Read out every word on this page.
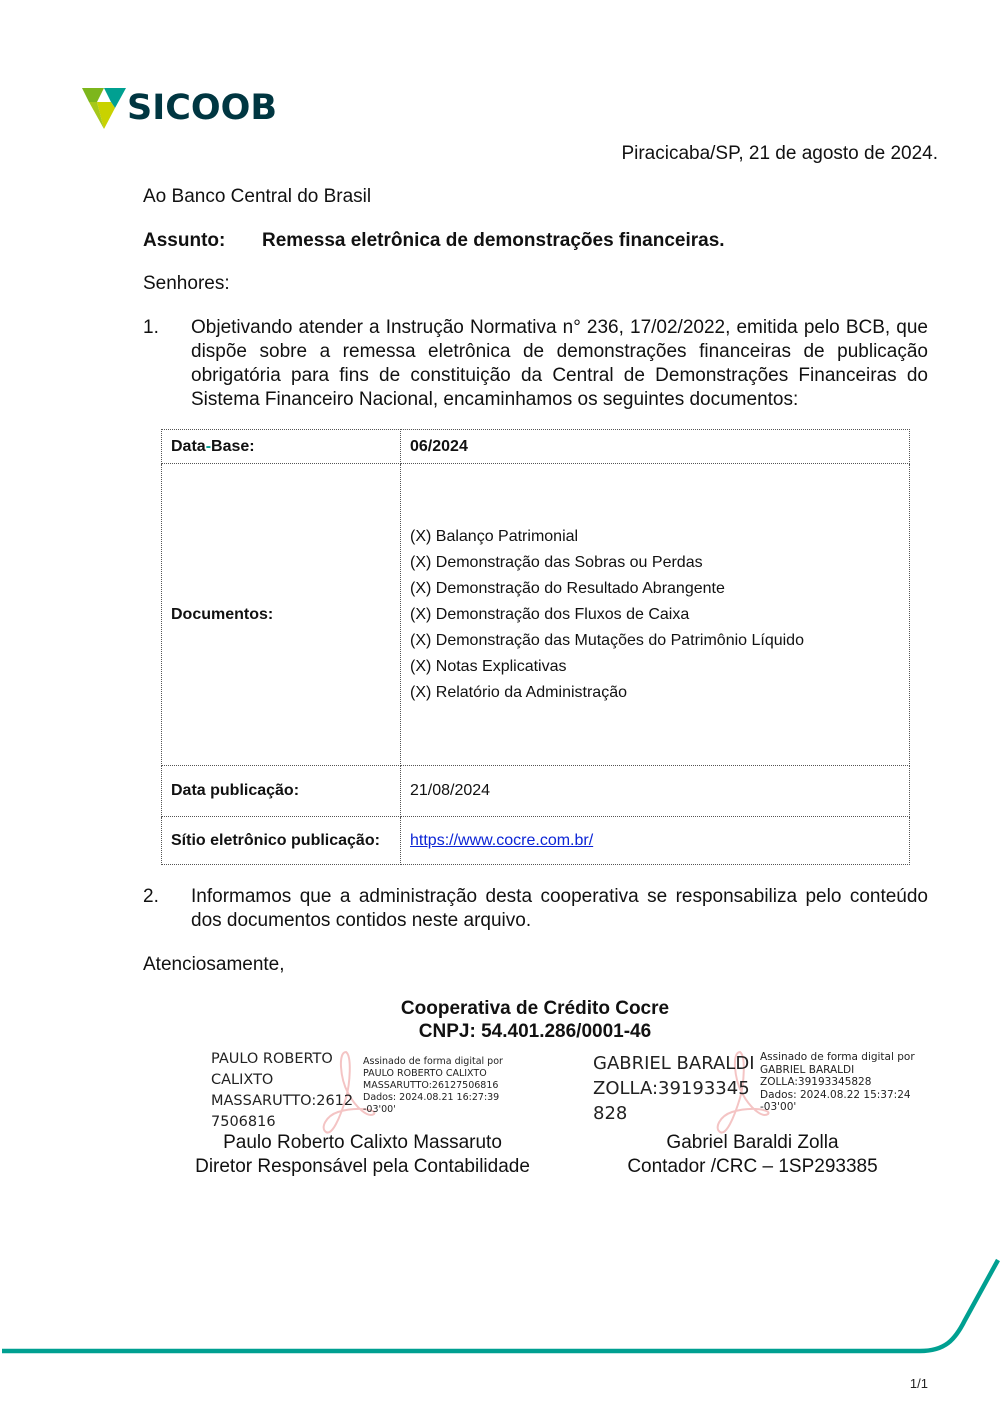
SICOOB
Piracicaba/SP, 21 de agosto de 2024.
Ao Banco Central do Brasil
Assunto: Remessa eletrônica de demonstrações financeiras.
Senhores:
1. Objetivando atender a Instrução Normativa n° 236, 17/02/2022, emitida pelo BCB, que dispõe sobre a remessa eletrônica de demonstrações financeiras de publicação obrigatória para fins de constituição da Central de Demonstrações Financeiras do Sistema Financeiro Nacional, encaminhamos os seguintes documentos:
Data-Base:	06/2024
Documentos:	
(X) Balanço Patrimonial
(X) Demonstração das Sobras ou Perdas
(X) Demonstração do Resultado Abrangente
(X) Demonstração dos Fluxos de Caixa
(X) Demonstração das Mutações do Patrimônio Líquido
(X) Notas Explicativas
(X) Relatório da Administração

Data publicação:	21/08/2024
Sítio eletrônico publicação:	https://www.cocre.com.br/
2. Informamos que a administração desta cooperativa se responsabiliza pelo conteúdo dos documentos contidos neste arquivo.
Atenciosamente,
Cooperativa de Crédito Cocre
CNPJ: 54.401.286/0001-46
PAULO ROBERTO
CALIXTO
MASSARUTTO:2612
7506816
Assinado de forma digital por
PAULO ROBERTO CALIXTO
MASSARUTTO:26127506816
Dados: 2024.08.21 16:27:39
-03'00'
Paulo Roberto Calixto Massaruto
Diretor Responsável pela Contabilidade
GABRIEL BARALDI
ZOLLA:39193345
828
Assinado de forma digital por
GABRIEL BARALDI
ZOLLA:39193345828
Dados: 2024.08.22 15:37:24
-03'00'
Gabriel Baraldi Zolla
Contador /CRC – 1SP293385
1/1
